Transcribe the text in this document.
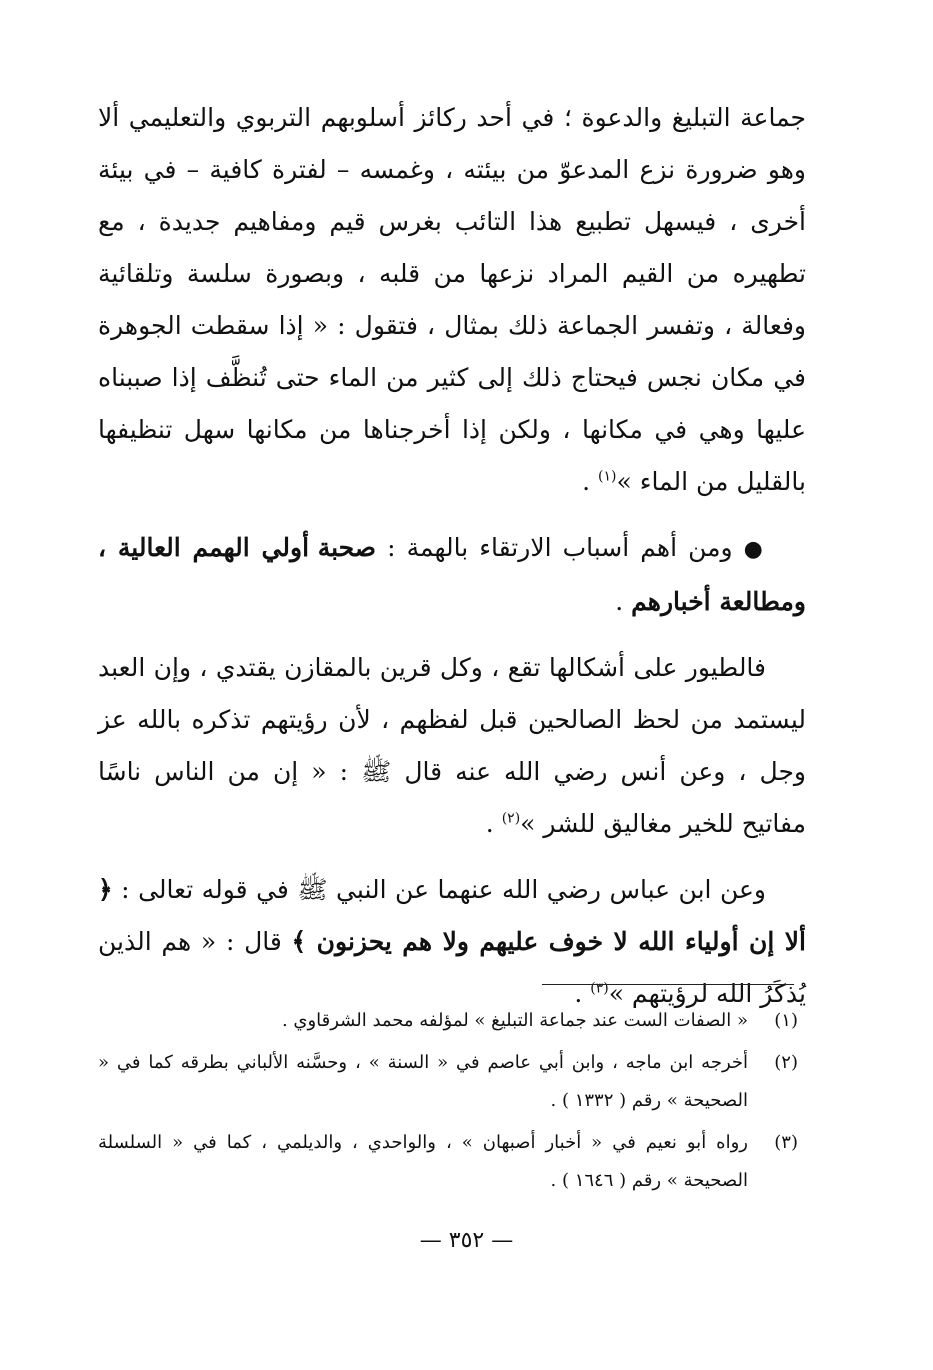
جماعة التبليغ والدعوة ؛ في أحد ركائز أسلوبهم التربوي والتعليمي ألا وهو ضرورة نزع المدعوّ من بيئته ، وغمسه – لفترة كافية – في بيئة أخرى ، فيسهل تطبيع هذا التائب بغرس قيم ومفاهيم جديدة ، مع تطهيره من القيم المراد نزعها من قلبه ، وبصورة سلسة وتلقائية وفعالة ، وتفسر الجماعة ذلك بمثال ، فتقول : « إذا سقطت الجوهرة في مكان نجس فيحتاج ذلك إلى كثير من الماء حتى تُنظَّف إذا صببناه عليها وهي في مكانها ، ولكن إذا أخرجناها من مكانها سهل تنظيفها بالقليل من الماء »$^{(١)}$ .

● ومن أهم أسباب الارتقاء بالهمة : صحبة أولي الهمم العالية ، ومطالعة أخبارهم .

فالطيور على أشكالها تقع ، وكل قرين بالمقازن يقتدي ، وإن العبد ليستمد من لحظ الصالحين قبل لفظهم ، لأن رؤيتهم تذكره بالله عز وجل ، وعن أنس رضي الله عنه قال ﷺ : « إن من الناس ناسًا مفاتيح للخير مغاليق للشر »$^{(٢)}$ .

وعن ابن عباس رضي الله عنهما عن النبي ﷺ في قوله تعالى : ﴿ ألا إن أولياء الله لا خوف عليهم ولا هم يحزنون ﴾ قال : « هم الذين يُذكَرُ الله لرؤيتهم »$^{(٣)}$ .

(١)
« الصفات الست عند جماعة التبليغ » لمؤلفه محمد الشرقاوي .
(٢)
أخرجه ابن ماجه ، وابن أبي عاصم في « السنة » ، وحسَّنه الألباني بطرقه كما في « الصحيحة » رقم ( ١٣٣٢ ) .
(٣)
رواه أبو نعيم في « أخبار أصبهان » ، والواحدي ، والديلمي ، كما في « السلسلة الصحيحة » رقم ( ١٦٤٦ ) .
— ٣٥٢ —
